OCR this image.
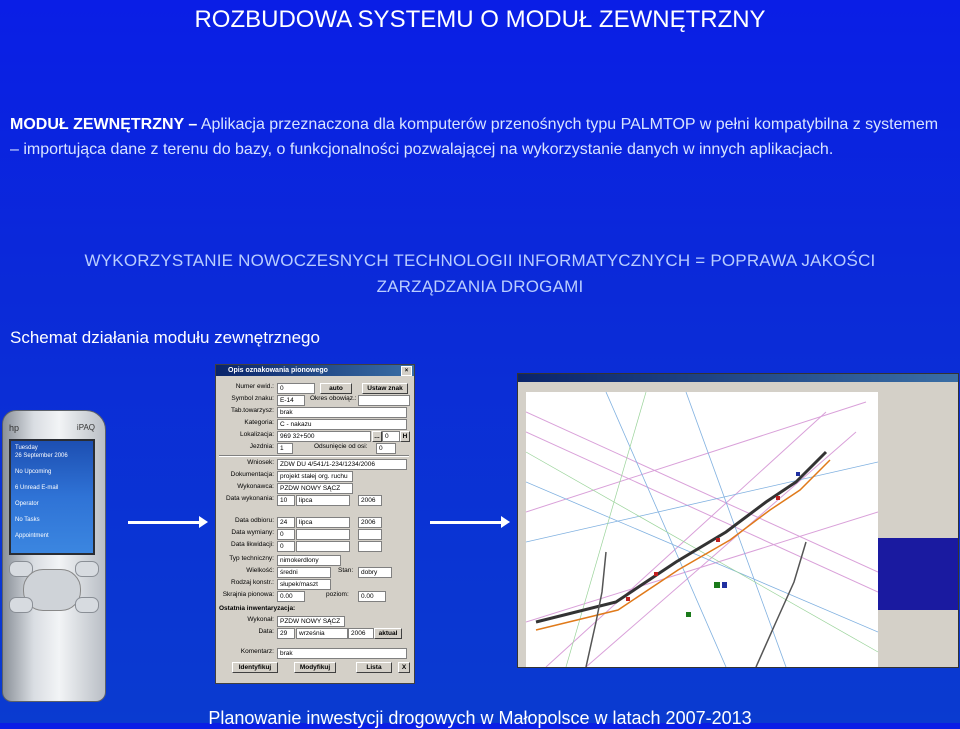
ROZBUDOWA SYSTEMU O MODUŁ ZEWNĘTRZNY
MODUŁ ZEWNĘTRZNY – Aplikacja przeznaczona dla komputerów przenośnych typu PALMTOP w pełni kompatybilna z systemem – importująca dane z terenu do bazy, o funkcjonalności pozwalającej na wykorzystanie danych w innych aplikacjach.
WYKORZYSTANIE NOWOCZESNYCH TECHNOLOGII INFORMATYCZNYCH = POPRAWA JAKOŚCI
ZARZĄDZANIA DROGAMI
Schemat działania modułu zewnętrznego
hp	iPAQ
Tuesday
26 September 2006
No Upcoming
6 Unread E-mail
Operator
No Tasks
Appointment
Opis oznakowania pionowego	×
Numer ewid.: 0	auto	Ustaw znak
Symbol znaku: E-14	Okres obowiąz.:
Tab.towarzysz: brak
Kategoria: C - nakazu
Lokalizacja: 969 32+500	... 0	H
Jezdnia: 1	Odsunięcie od osi:	0
Wniosek: ZDW DU 4/541/1-234/1234/2006
Dokumentacja: projekt stałej org. ruchu
Wykonawca: PZDW NOWY SĄCZ
Data wykonania: 10	lipca	2006
Data odbioru: 24	lipca	2006
Data wymiany: 0
Data likwidacji: 0
Typ techniczny: nimokerdlony
Wielkość: średni	Stan:	dobry
Rodzaj konstr.: słupek/maszt
Skrajnia pionowa: 0.00	poziom:	0.00
Ostatnia inwentaryzacja:
Wykonał: PZDW NOWY SĄCZ
Data: 29	września	2006	aktual
Komentarz: brak
Identyfikuj	Modyfikuj	Lista	X
Planowanie inwestycji drogowych w Małopolsce w latach 2007-2013
